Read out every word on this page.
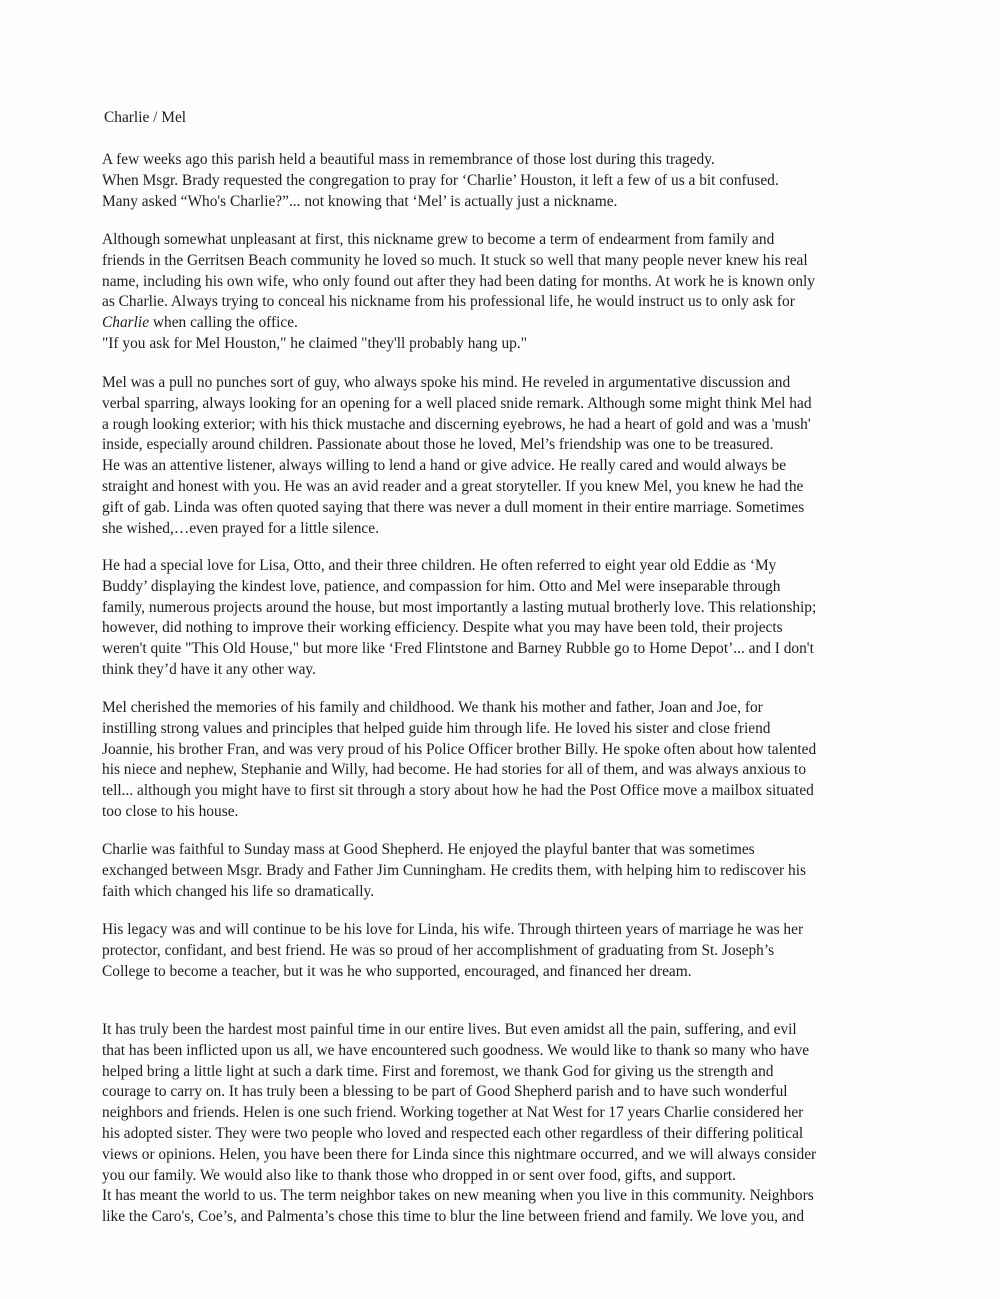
Charlie / Mel
A few weeks ago this parish held a beautiful mass in remembrance of those lost during this tragedy.
When Msgr. Brady requested the congregation to pray for ‘Charlie’ Houston, it left a few of us a bit confused.
Many asked “Who's Charlie?”... not knowing that ‘Mel’ is actually just a nickname.
Although somewhat unpleasant at first, this nickname grew to become a term of endearment from family and
friends in the Gerritsen Beach community he loved so much. It stuck so well that many people never knew his real
name, including his own wife, who only found out after they had been dating for months. At work he is known only
as Charlie. Always trying to conceal his nickname from his professional life, he would instruct us to only ask for
Charlie when calling the office.
"If you ask for Mel Houston," he claimed "they'll probably hang up."
Mel was a pull no punches sort of guy, who always spoke his mind. He reveled in argumentative discussion and
verbal sparring, always looking for an opening for a well placed snide remark. Although some might think Mel had
a rough looking exterior; with his thick mustache and discerning eyebrows, he had a heart of gold and was a 'mush'
inside, especially around children. Passionate about those he loved, Mel’s friendship was one to be treasured.
He was an attentive listener, always willing to lend a hand or give advice. He really cared and would always be
straight and honest with you. He was an avid reader and a great storyteller. If you knew Mel, you knew he had the
gift of gab. Linda was often quoted saying that there was never a dull moment in their entire marriage. Sometimes
she wished,…even prayed for a little silence.
He had a special love for Lisa, Otto, and their three children. He often referred to eight year old Eddie as ‘My
Buddy’ displaying the kindest love, patience, and compassion for him. Otto and Mel were inseparable through
family, numerous projects around the house, but most importantly a lasting mutual brotherly love. This relationship;
however, did nothing to improve their working efficiency. Despite what you may have been told, their projects
weren't quite "This Old House," but more like ‘Fred Flintstone and Barney Rubble go to Home Depot’... and I don't
think they’d have it any other way.
Mel cherished the memories of his family and childhood. We thank his mother and father, Joan and Joe, for
instilling strong values and principles that helped guide him through life. He loved his sister and close friend
Joannie, his brother Fran, and was very proud of his Police Officer brother Billy. He spoke often about how talented
his niece and nephew, Stephanie and Willy, had become. He had stories for all of them, and was always anxious to
tell... although you might have to first sit through a story about how he had the Post Office move a mailbox situated
too close to his house.
Charlie was faithful to Sunday mass at Good Shepherd. He enjoyed the playful banter that was sometimes
exchanged between Msgr. Brady and Father Jim Cunningham. He credits them, with helping him to rediscover his
faith which changed his life so dramatically.
His legacy was and will continue to be his love for Linda, his wife. Through thirteen years of marriage he was her
protector, confidant, and best friend. He was so proud of her accomplishment of graduating from St. Joseph’s
College to become a teacher, but it was he who supported, encouraged, and financed her dream.
It has truly been the hardest most painful time in our entire lives. But even amidst all the pain, suffering, and evil
that has been inflicted upon us all, we have encountered such goodness. We would like to thank so many who have
helped bring a little light at such a dark time. First and foremost, we thank God for giving us the strength and
courage to carry on. It has truly been a blessing to be part of Good Shepherd parish and to have such wonderful
neighbors and friends. Helen is one such friend. Working together at Nat West for 17 years Charlie considered her
his adopted sister. They were two people who loved and respected each other regardless of their differing political
views or opinions. Helen, you have been there for Linda since this nightmare occurred, and we will always consider
you our family. We would also like to thank those who dropped in or sent over food, gifts, and support.
It has meant the world to us. The term neighbor takes on new meaning when you live in this community. Neighbors
like the Caro's, Coe’s, and Palmenta’s chose this time to blur the line between friend and family. We love you, and
